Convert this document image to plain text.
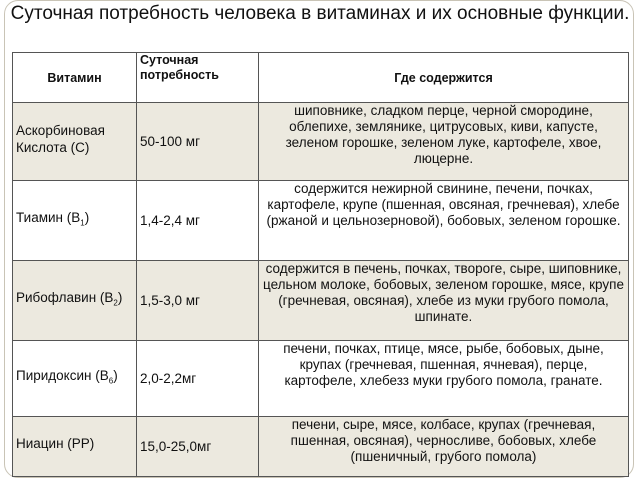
Суточная потребность человека в витаминах и их основные функции.
Витамин	Суточная потребность	Где содержится
Аскорбиновая Кислота (С)	50-100 мг	шиповнике, сладком перце, черной смородине, облепихе, землянике, цитрусовых, киви, капусте, зеленом горошке, зеленом луке, картофеле, хвое, люцерне.
Тиамин $(В_1)$	1,4-2,4 мг	содержится нежирной свинине, печени, почках, картофеле, крупе (пшенная, овсяная, гречневая), хлебе (ржаной и цельнозерновой), бобовых, зеленом горошке.
Рибофлавин $(В_2)$	1,5-3,0 мг	содержится в печень, почках, твороге, сыре, шиповнике, цельном молоке, бобовых, зеленом горошке, мясе, крупе (гречневая, овсяная), хлебе из муки грубого помола, шпинате.
Пиридоксин $(В_6)$	2,0-2,2мг	печени, почках, птице, мясе, рыбе, бобовых, дыне, крупах (гречневая, пшенная, ячневая), перце, картофеле, хлебезз муки грубого помола, гранате.
Ниацин (РР)	15,0-25,0мг	печени, сыре, мясе, колбасе, крупах (гречневая, пшенная, овсяная), черносливе, бобовых, хлебе (пшеничный, грубого помола)
